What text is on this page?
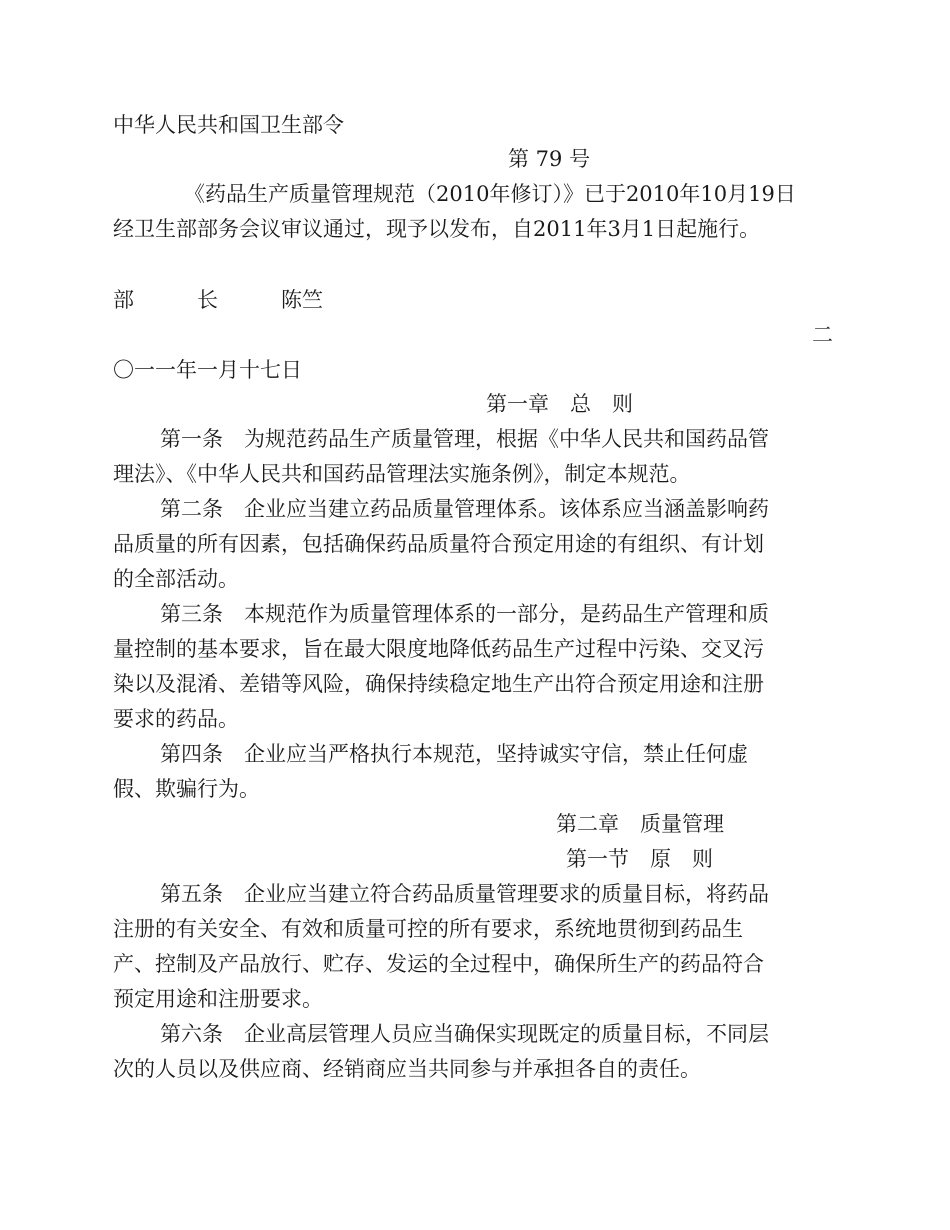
中华人民共和国卫生部令
第 79 号
《药品生产质量管理规范（2010年修订）》已于2010年10月19日
经卫生部部务会议审议通过，现予以发布，自2011年3月1日起施行。
部	长	陈竺
二
〇一一年一月十七日
第一章 总 则
第一条 为规范药品生产质量管理，根据《中华人民共和国药品管
理法》、《中华人民共和国药品管理法实施条例》，制定本规范。
第二条 企业应当建立药品质量管理体系。该体系应当涵盖影响药
品质量的所有因素，包括确保药品质量符合预定用途的有组织、有计划
的全部活动。
第三条 本规范作为质量管理体系的一部分，是药品生产管理和质
量控制的基本要求，旨在最大限度地降低药品生产过程中污染、交叉污
染以及混淆、差错等风险，确保持续稳定地生产出符合预定用途和注册
要求的药品。
第四条 企业应当严格执行本规范，坚持诚实守信，禁止任何虚
假、欺骗行为。
第二章 质量管理
第一节 原 则
第五条 企业应当建立符合药品质量管理要求的质量目标，将药品
注册的有关安全、有效和质量可控的所有要求，系统地贯彻到药品生
产、控制及产品放行、贮存、发运的全过程中，确保所生产的药品符合
预定用途和注册要求。
第六条 企业高层管理人员应当确保实现既定的质量目标，不同层
次的人员以及供应商、经销商应当共同参与并承担各自的责任。
